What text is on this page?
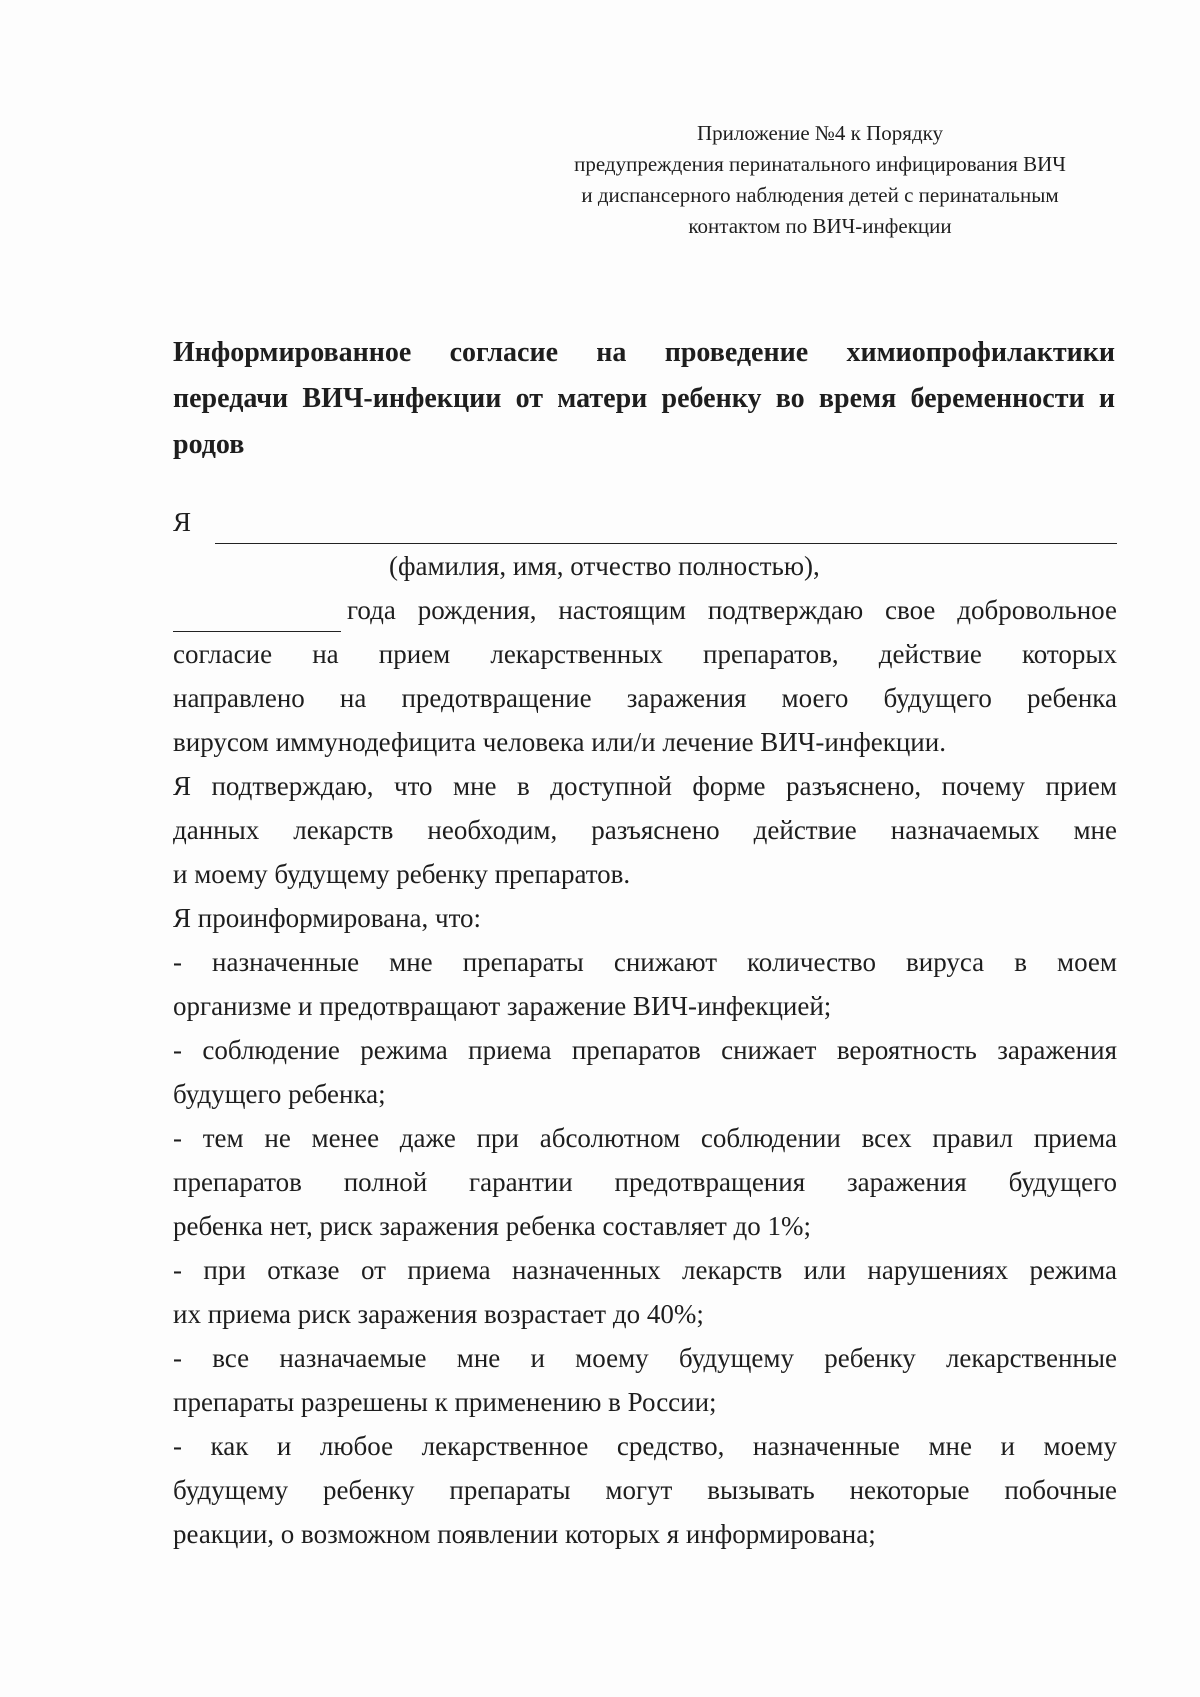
Приложение №4 к Порядку
предупреждения перинатального инфицирования ВИЧ
и диспансерного наблюдения детей с перинатальным
контактом по ВИЧ-инфекции
Информированное согласие на проведение химиопрофилактики
передачи ВИЧ-инфекции от матери ребенку во время беременности и
родов
Я
(фамилия, имя, отчество полностью),
года рождения, настоящим подтверждаю свое добровольное
согласие на прием лекарственных препаратов, действие которых
направлено на предотвращение заражения моего будущего ребенка
вирусом иммунодефицита человека или/и лечение ВИЧ-инфекции.
Я подтверждаю, что мне в доступной форме разъяснено, почему прием
данных лекарств необходим, разъяснено действие назначаемых мне
и моему будущему ребенку препаратов.
Я проинформирована, что:
- назначенные мне препараты снижают количество вируса в моем
организме и предотвращают заражение ВИЧ-инфекцией;
- соблюдение режима приема препаратов снижает вероятность заражения
будущего ребенка;
- тем не менее даже при абсолютном соблюдении всех правил приема
препаратов полной гарантии предотвращения заражения будущего
ребенка нет, риск заражения ребенка составляет до 1%;
- при отказе от приема назначенных лекарств или нарушениях режима
их приема риск заражения возрастает до 40%;
- все назначаемые мне и моему будущему ребенку лекарственные
препараты разрешены к применению в России;
- как и любое лекарственное средство, назначенные мне и моему
будущему ребенку препараты могут вызывать некоторые побочные
реакции, о возможном появлении которых я информирована;
